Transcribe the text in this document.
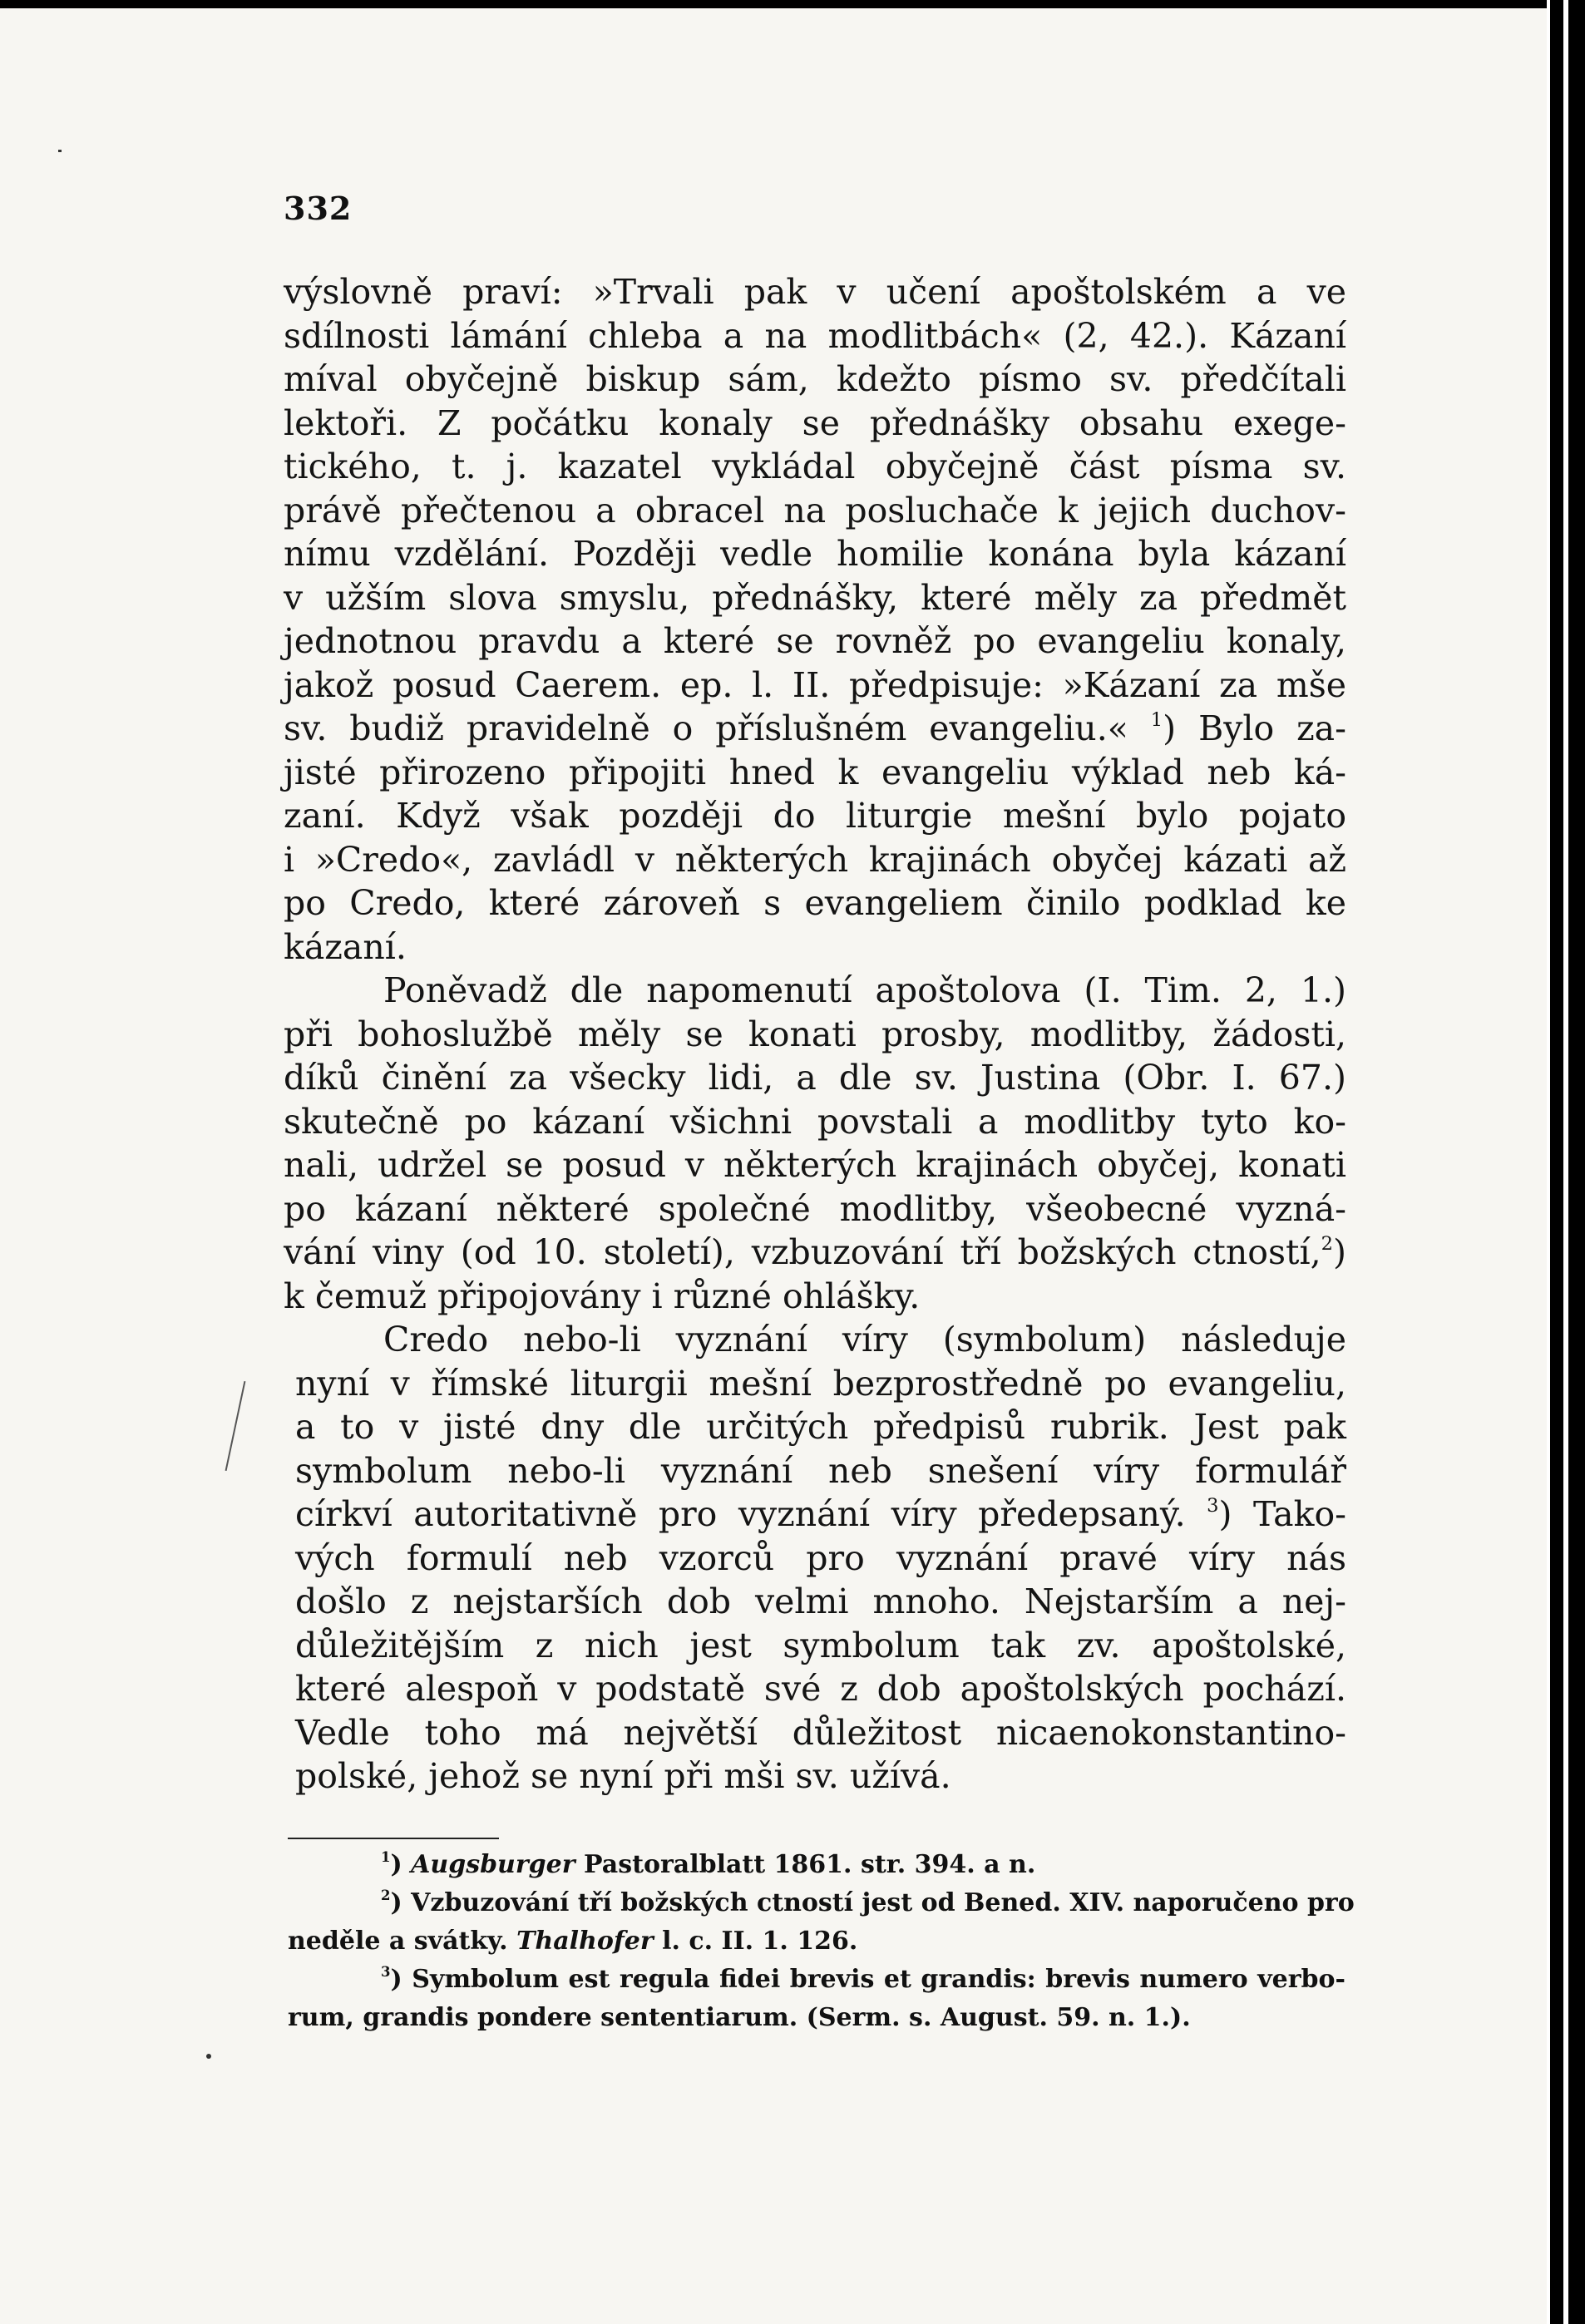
332
výslovně praví: »Trvali pak v učení apoštolském a ve
sdílnosti lámání chleba a na modlitbách« (2, 42.). Kázaní
míval obyčejně biskup sám, kdežto písmo sv. předčítali
lektoři. Z počátku konaly se přednášky obsahu exege-
tického, t. j. kazatel vykládal obyčejně část písma sv.
právě přečtenou a obracel na posluchače k jejich duchov-
nímu vzdělání. Později vedle homilie konána byla kázaní
v užším slova smyslu, přednášky, které měly za předmět
jednotnou pravdu a které se rovněž po evangeliu konaly,
jakož posud Caerem. ep. l. II. předpisuje: »Kázaní za mše
sv. budiž pravidelně o příslušném evangeliu.« $^1$) Bylo za-
jisté přirozeno připojiti hned k evangeliu výklad neb ká-
zaní. Když však později do liturgie mešní bylo pojato
i »Credo«, zavládl v některých krajinách obyčej kázati až
po Credo, které zároveň s evangeliem činilo podklad ke
kázaní.
Poněvadž dle napomenutí apoštolova (I. Tim. 2, 1.)
při bohoslužbě měly se konati prosby, modlitby, žádosti,
díků činění za všecky lidi, a dle sv. Justina (Obr. I. 67.)
skutečně po kázaní všichni povstali a modlitby tyto ko-
nali, udržel se posud v některých krajinách obyčej, konati
po kázaní některé společné modlitby, všeobecné vyzná-
vání viny (od 10. století), vzbuzování tří božských ctností,$^2$)
k čemuž připojovány i různé ohlášky.
Credo nebo-li vyznání víry (symbolum) následuje
nyní v římské liturgii mešní bezprostředně po evangeliu,
a to v jisté dny dle určitých předpisů rubrik. Jest pak
symbolum nebo-li vyznání neb snešení víry formulář
církví autoritativně pro vyznání víry předepsaný. $^3$) Tako-
vých formulí neb vzorců pro vyznání pravé víry nás
došlo z nejstarších dob velmi mnoho. Nejstarším a nej-
důležitějším z nich jest symbolum tak zv. apoštolské,
které alespoň v podstatě své z dob apoštolských pochází.
Vedle toho má největší důležitost nicaenokonstantino-
polské, jehož se nyní při mši sv. užívá.
$^1$) Augsburger Pastoralblatt 1861. str. 394. a n.
$^2$) Vzbuzování tří božských ctností jest od Bened. XIV. naporučeno pro
neděle a svátky. Thalhofer l. c. II. 1. 126.
$^3$) Symbolum est regula fidei brevis et grandis: brevis numero verbo-
rum, grandis pondere sententiarum. (Serm. s. August. 59. n. 1.).
